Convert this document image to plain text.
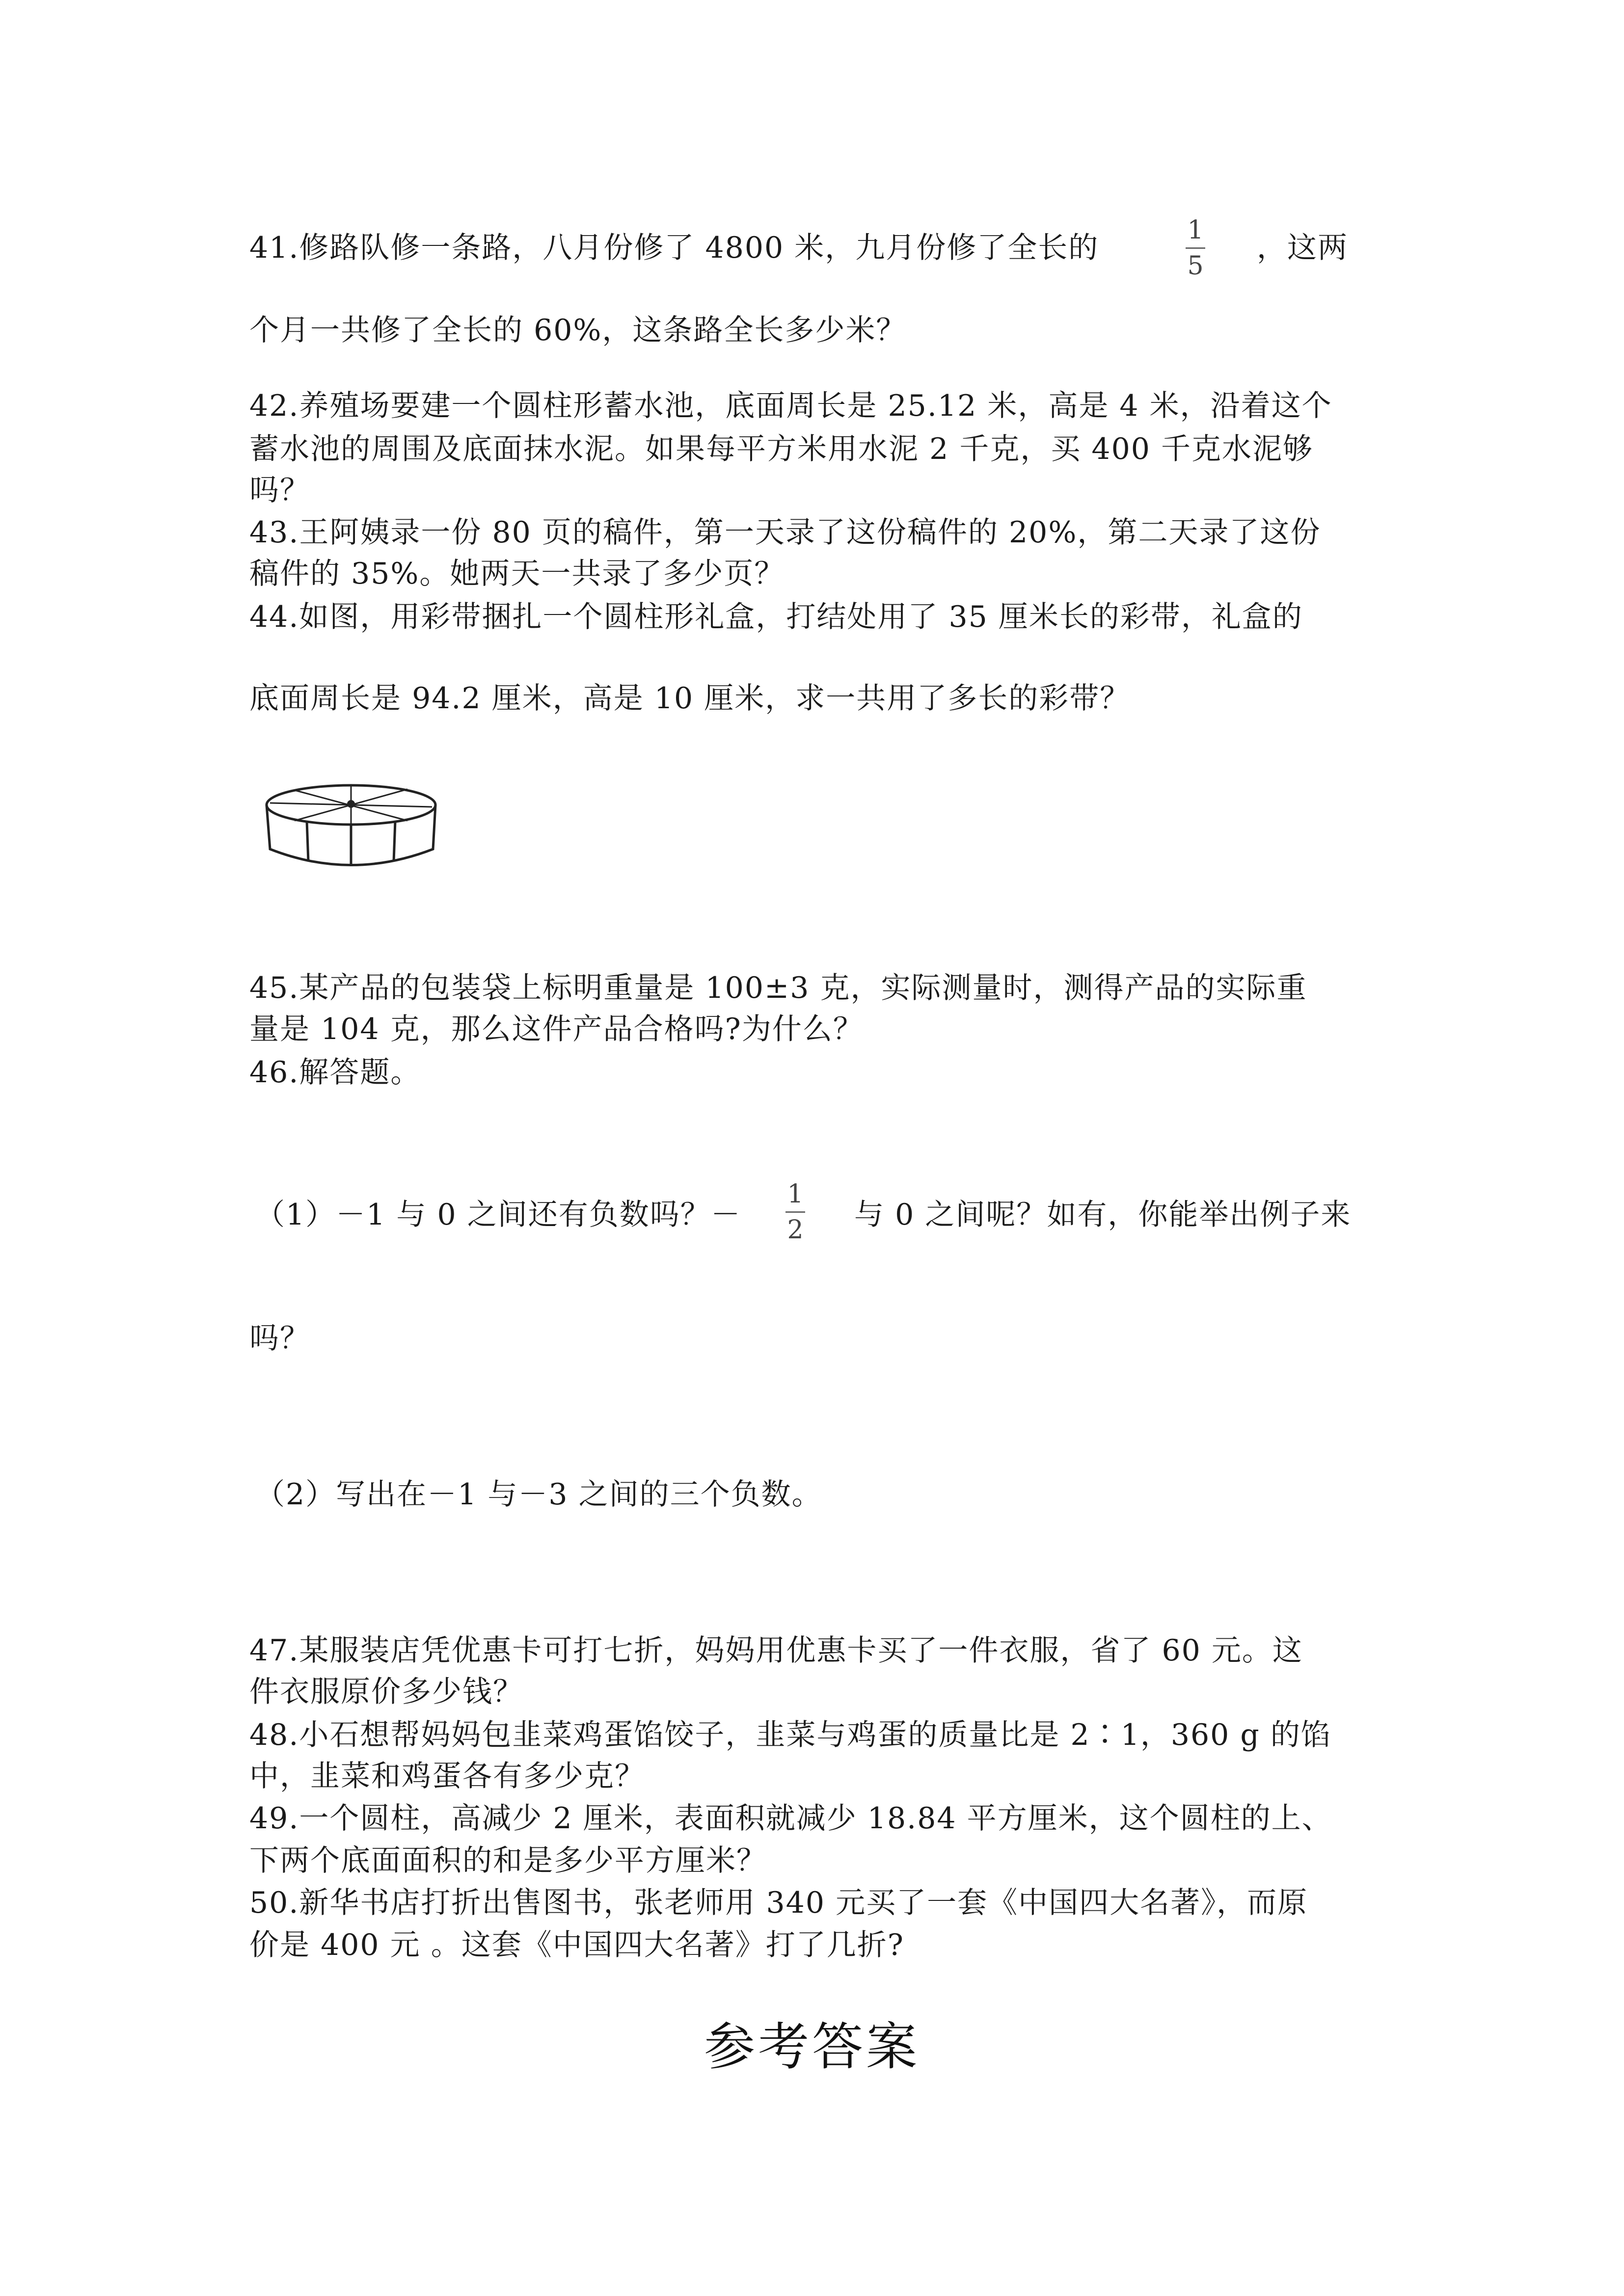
41.修路队修一条路，八月份修了 4800 米，九月份修了全长的
1
5
，这两
个月一共修了全长的 60%，这条路全长多少米？
42.养殖场要建一个圆柱形蓄水池，底面周长是 25.12 米，高是 4 米，沿着这个
蓄水池的周围及底面抹水泥。如果每平方米用水泥 2 千克，买 400 千克水泥够
吗？
43.王阿姨录一份 80 页的稿件，第一天录了这份稿件的 20%，第二天录了这份
稿件的 35%。她两天一共录了多少页？
44.如图，用彩带捆扎一个圆柱形礼盒，打结处用了 35 厘米长的彩带，礼盒的
底面周长是 94.2 厘米，高是 10 厘米，求一共用了多长的彩带？
45.某产品的包装袋上标明重量是 100±3 克，实际测量时，测得产品的实际重
量是 104 克，那么这件产品合格吗?为什么？
46.解答题。
（1）－1 与 0 之间还有负数吗？－
1
2 与 0 之间呢？如有，你能举出例子来
吗？
（2）写出在－1 与－3 之间的三个负数。
47.某服装店凭优惠卡可打七折，妈妈用优惠卡买了一件衣服，省了 60 元。这
件衣服原价多少钱？
48.小石想帮妈妈包韭菜鸡蛋馅饺子，韭菜与鸡蛋的质量比是 2∶1，360 g 的馅
中，韭菜和鸡蛋各有多少克？
49.一个圆柱，高减少 2 厘米，表面积就减少 18.84 平方厘米，这个圆柱的上、
下两个底面面积的和是多少平方厘米？
50.新华书店打折出售图书，张老师用 340 元买了一套《中国四大名著》，而原
价是 400 元 。这套《中国四大名著》打了几折?
参考答案
